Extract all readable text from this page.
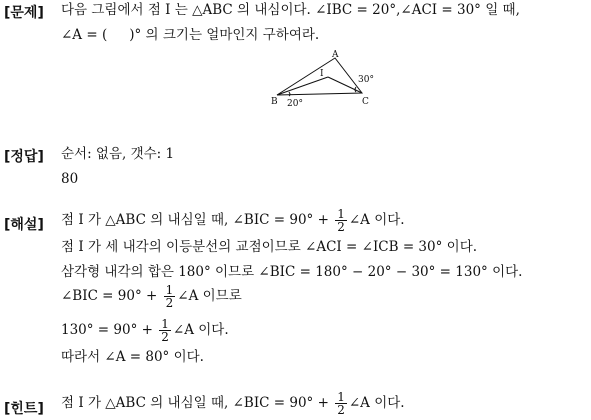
[문제] 다음 그림에서 점 I 는 △ABC 의 내심이다. ∠IBC = 20°,∠ACI = 30° 일 때,
∠A = ( )° 의 크기는 얼마인지 구하여라.
A
B	C
I
30°
20°
[정답] 순서: 없음, 갯수: 1
80
[해설] 점 I 가 △ABC 의 내심일 때, ∠BIC = $90^\circ + \frac{1}{2}$ ∠A 이다.
점 I 가 세 내각의 이등분선의 교점이므로 ∠ACI = ∠ICB = 30° 이다.
삼각형 내각의 합은 180° 이므로 ∠BIC = 180° − 20° − 30° = 130° 이다.
∠BIC = $90^\circ + \frac{1}{2}$ ∠A 이므로
$130^\circ = 90^\circ + \frac{1}{2}$ ∠A 이다.
따라서 ∠A = 80° 이다.
[힌트] 점 I 가 △ABC 의 내심일 때, ∠BIC = $90^\circ + \frac{1}{2}$ ∠A 이다.
